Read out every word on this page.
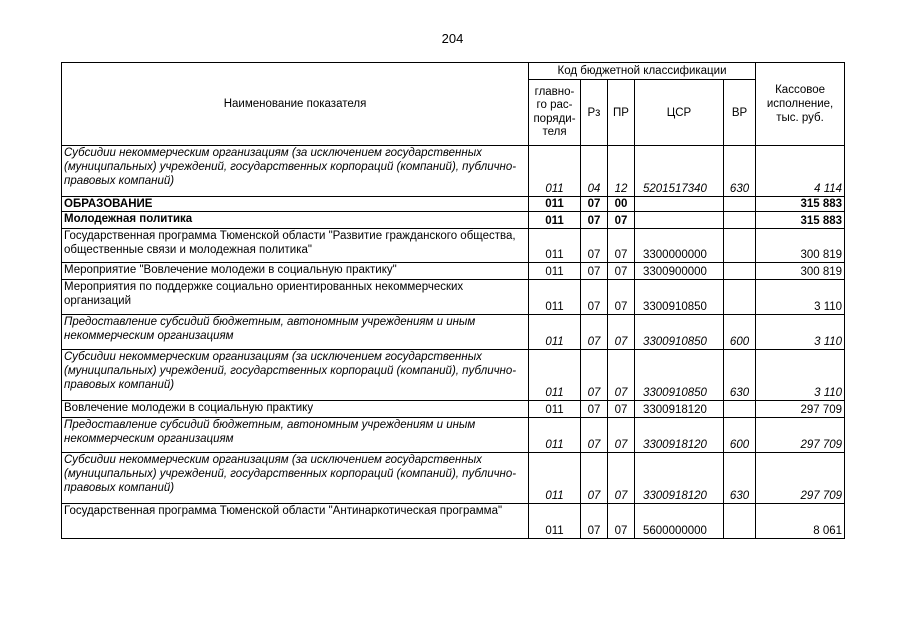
204
Наименование показателя	Код бюджетной классификации					Кассовое исполнение, тыс. руб.
	главно-
го рас-
поряди-
теля	Рз	ПР	ЦСР	ВР	
Субсидии некоммерческим организациям (за исключением государственных (муниципальных) учреждений, государственных корпораций (компаний), публично-правовых компаний)	011	04	12	5201517340	630	4 114
ОБРАЗОВАНИЕ	011	07	00			315 883
Молодежная политика	011	07	07			315 883
Государственная программа Тюменской области "Развитие гражданского общества, общественные связи и молодежная политика"	011	07	07	3300000000		300 819
Мероприятие "Вовлечение молодежи в социальную практику"	011	07	07	3300900000		300 819
Мероприятия по поддержке социально ориентированных некоммерческих организаций	011	07	07	3300910850		3 110
Предоставление субсидий бюджетным, автономным учреждениям и иным некоммерческим организациям	011	07	07	3300910850	600	3 110
Субсидии некоммерческим организациям (за исключением государственных (муниципальных) учреждений, государственных корпораций (компаний), публично-правовых компаний)	011	07	07	3300910850	630	3 110
Вовлечение молодежи в социальную практику	011	07	07	3300918120		297 709
Предоставление субсидий бюджетным, автономным учреждениям и иным некоммерческим организациям	011	07	07	3300918120	600	297 709
Субсидии некоммерческим организациям (за исключением государственных (муниципальных) учреждений, государственных корпораций (компаний), публично-правовых компаний)	011	07	07	3300918120	630	297 709
Государственная программа Тюменской области "Антинаркотическая программа"	011	07	07	5600000000		8 061
